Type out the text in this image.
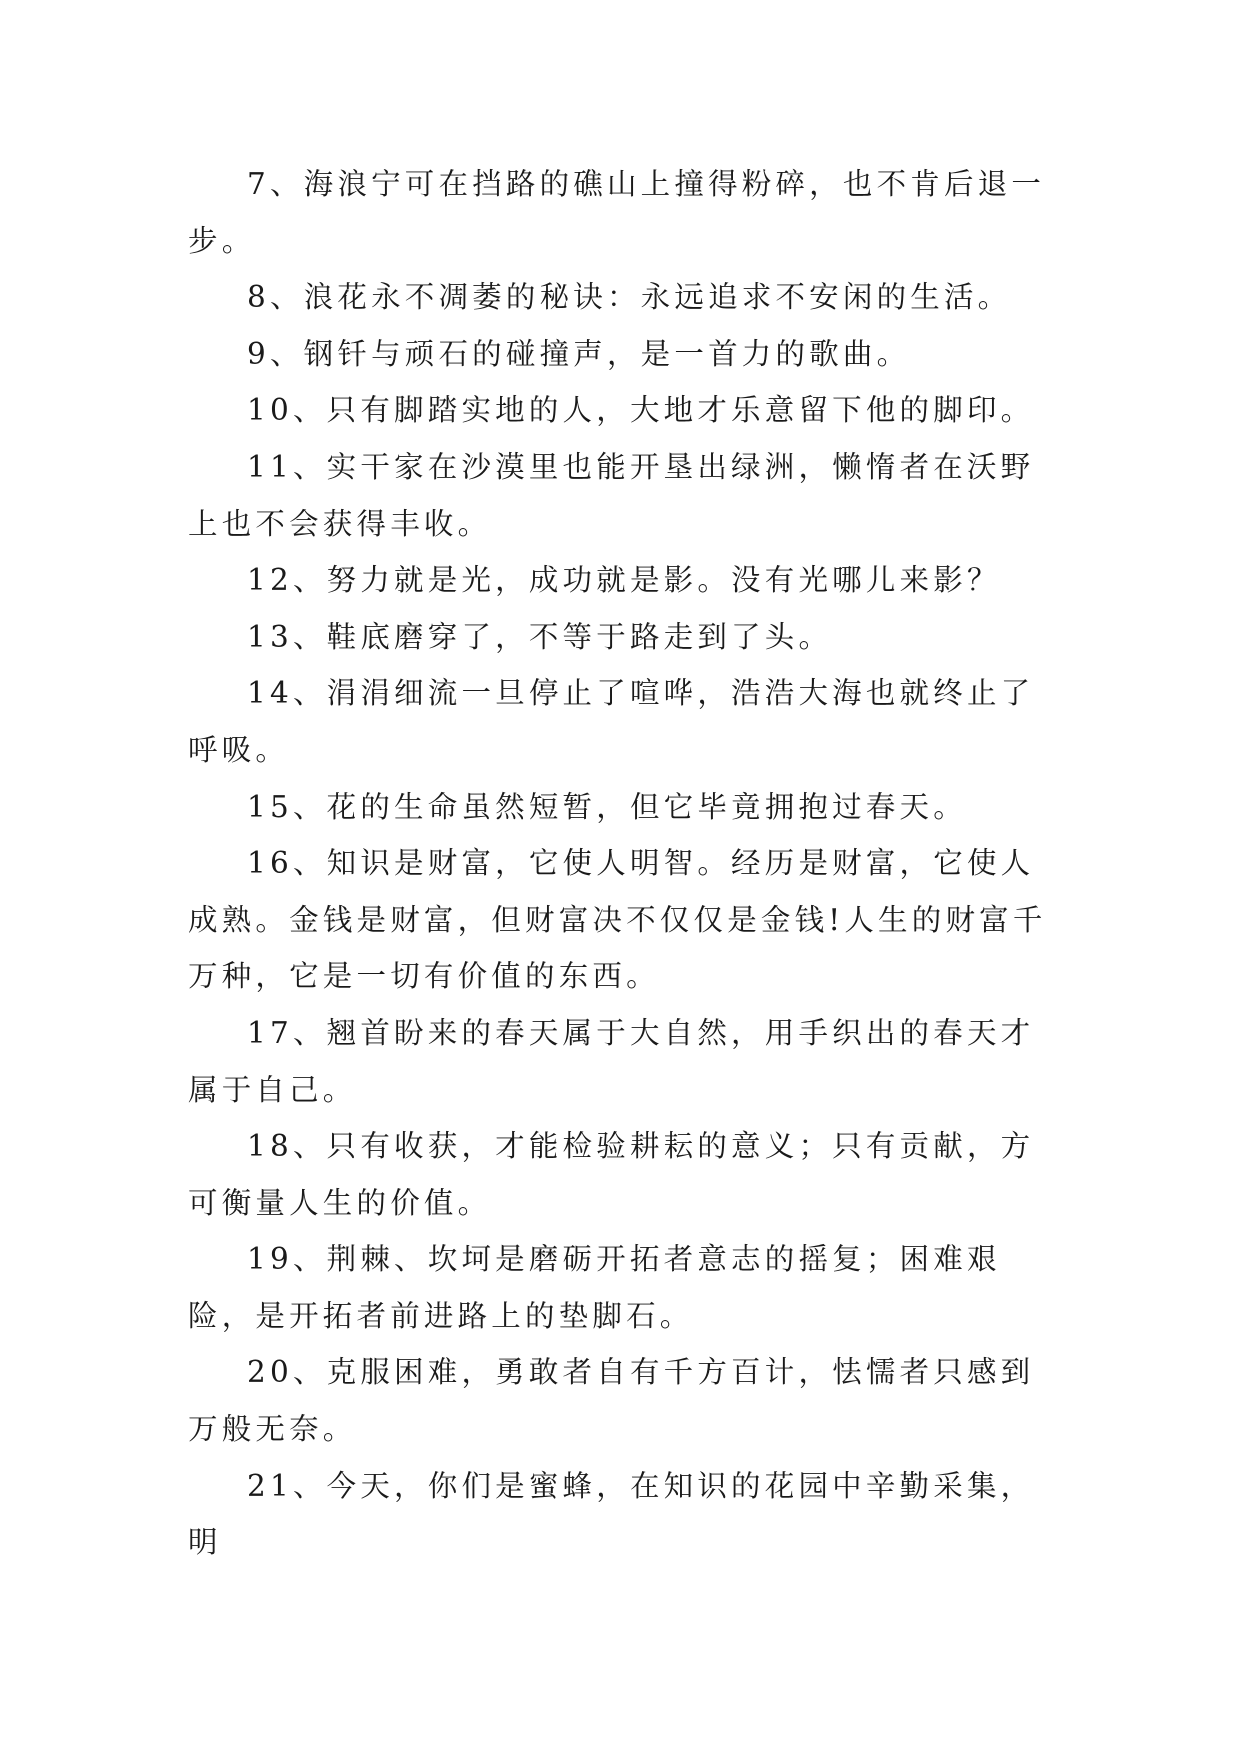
7、海浪宁可在挡路的礁山上撞得粉碎，也不肯后退一步。

8、浪花永不凋萎的秘诀：永远追求不安闲的生活。

9、钢钎与顽石的碰撞声，是一首力的歌曲。

10、只有脚踏实地的人，大地才乐意留下他的脚印。

11、实干家在沙漠里也能开垦出绿洲，懒惰者在沃野上也不会获得丰收。

12、努力就是光，成功就是影。没有光哪儿来影？

13、鞋底磨穿了，不等于路走到了头。

14、涓涓细流一旦停止了喧哗，浩浩大海也就终止了呼吸。

15、花的生命虽然短暂，但它毕竟拥抱过春天。

16、知识是财富，它使人明智。经历是财富，它使人成熟。金钱是财富，但财富决不仅仅是金钱!人生的财富千万种，它是一切有价值的东西。

17、翘首盼来的春天属于大自然，用手织出的春天才属于自己。

18、只有收获，才能检验耕耘的意义；只有贡献，方可衡量人生的价值。

19、荆棘、坎坷是磨砺开拓者意志的摇复；困难艰险，是开拓者前进路上的垫脚石。

20、克服困难，勇敢者自有千方百计，怯懦者只感到万般无奈。

21、今天，你们是蜜蜂，在知识的花园中辛勤采集，明
